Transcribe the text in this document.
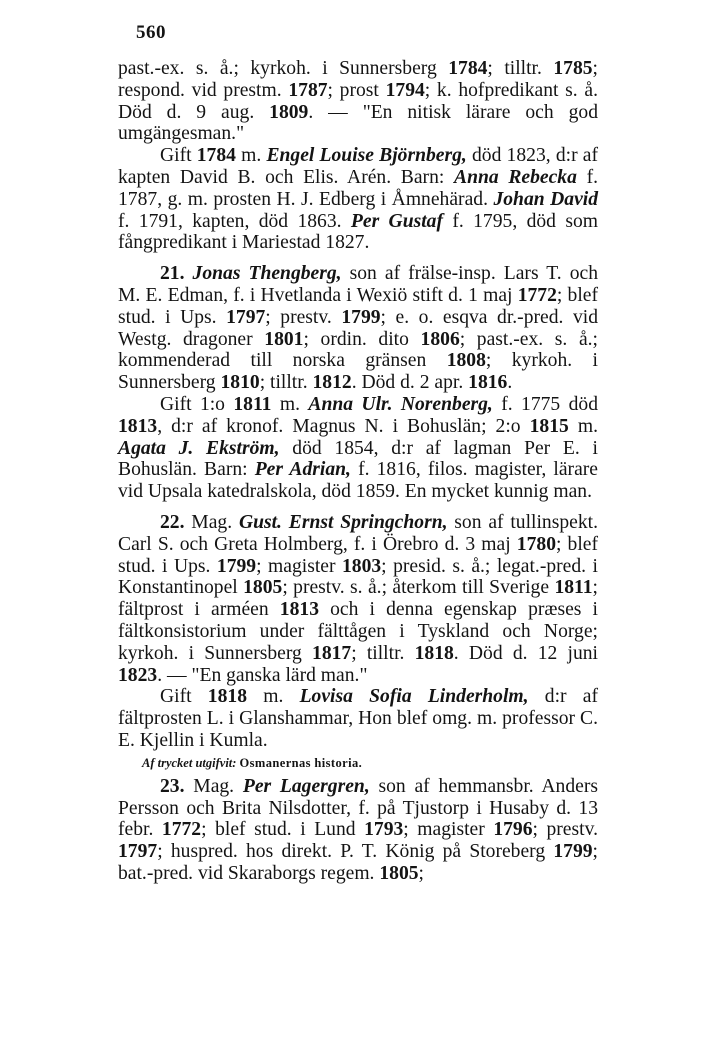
560

past.-ex. s. å.; kyrkoh. i Sunnersberg 1784; tilltr. 1785; respond. vid prestm. 1787; prost 1794; k. hofpredikant s. å. Död d. 9 aug. 1809. — "En nitisk lärare och god umgängesman."

Gift 1784 m. Engel Louise Björnberg, död 1823, d:r af kapten David B. och Elis. Arén. Barn: Anna Rebecka f. 1787, g. m. prosten H. J. Edberg i Åmnehärad. Johan David f. 1791, kapten, död 1863. Per Gustaf f. 1795, död som fångpredikant i Mariestad 1827.

21. Jonas Thengberg, son af frälse-insp. Lars T. och M. E. Edman, f. i Hvetlanda i Wexiö stift d. 1 maj 1772; blef stud. i Ups. 1797; prestv. 1799; e. o. esqva dr.-pred. vid Westg. dragoner 1801; ordin. dito 1806; past.-ex. s. å.; kommenderad till norska gränsen 1808; kyrkoh. i Sunnersberg 1810; tilltr. 1812. Död d. 2 apr. 1816.

Gift 1:o 1811 m. Anna Ulr. Norenberg, f. 1775 död 1813, d:r af kronof. Magnus N. i Bohuslän; 2:o 1815 m. Agata J. Ekström, död 1854, d:r af lagman Per E. i Bohuslän. Barn: Per Adrian, f. 1816, filos. magister, lärare vid Upsala katedralskola, död 1859. En mycket kunnig man.

22. Mag. Gust. Ernst Springchorn, son af tullinspekt. Carl S. och Greta Holmberg, f. i Örebro d. 3 maj 1780; blef stud. i Ups. 1799; magister 1803; presid. s. å.; legat.-pred. i Konstantinopel 1805; prestv. s. å.; återkom till Sverige 1811; fältprost i arméen 1813 och i denna egenskap præses i fältkonsistorium under fälttågen i Tyskland och Norge; kyrkoh. i Sunnersberg 1817; tilltr. 1818. Död d. 12 juni 1823. — "En ganska lärd man."

Gift 1818 m. Lovisa Sofia Linderholm, d:r af fältprosten L. i Glanshammar, Hon blef omg. m. professor C. E. Kjellin i Kumla.

Af trycket utgifvit: Osmanernas historia.

23. Mag. Per Lagergren, son af hemmansbr. Anders Persson och Brita Nilsdotter, f. på Tjustorp i Husaby d. 13 febr. 1772; blef stud. i Lund 1793; magister 1796; prestv. 1797; huspred. hos direkt. P. T. König på Storeberg 1799; bat.-pred. vid Skaraborgs regem. 1805;
